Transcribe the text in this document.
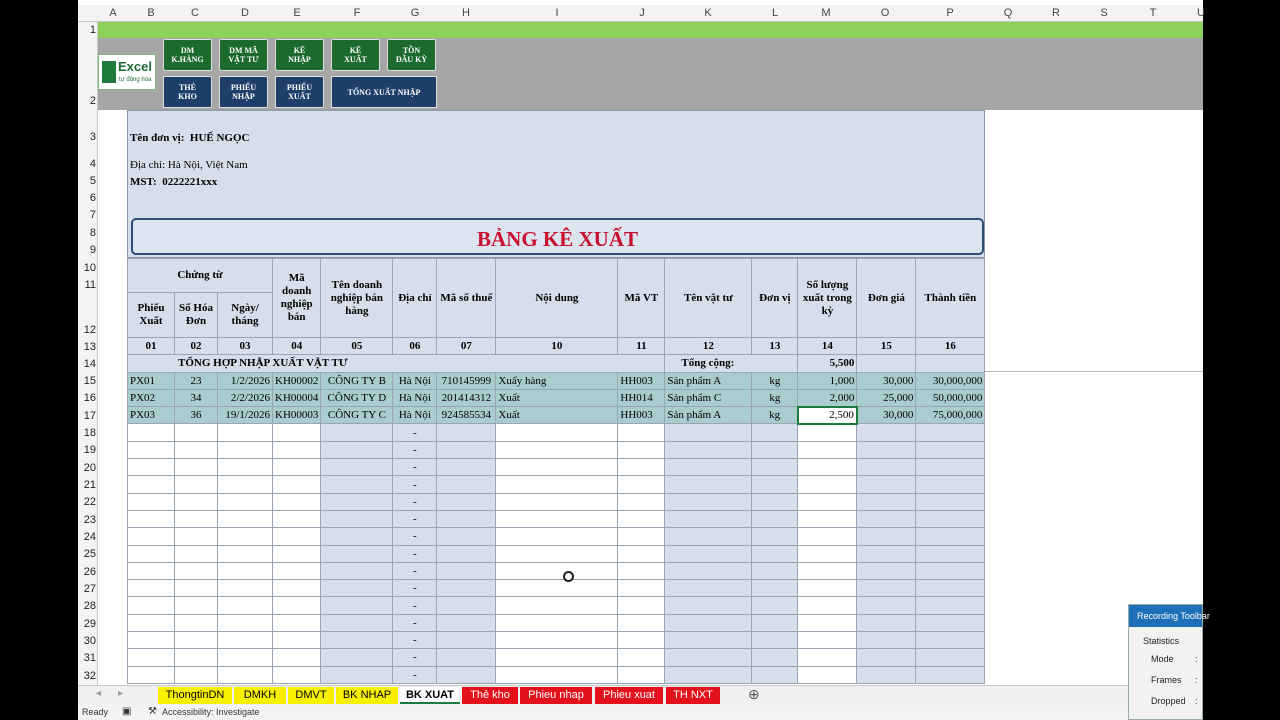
A	B	C	D	E	F	G	H	I	J	K	L	M	O	P	Q	R	S	T	U
1
2
3
4
5
6
7
8
9
10
11
12
13
14
15
16
17
18
19
20
21
22
23
24
25
26
27
28
29
30
31
32
Excel
tự động hóa
DM
K.HÀNG
DM MÃ
VẬT TƯ
KÊ
NHẬP
KÊ
XUẤT
TỒN
ĐẦU KỲ
THẺ
KHO
PHIẾU
NHẬP
PHIẾU
XUẤT	TỔNG XUẤT NHẬP
Tên đơn vị: HUẾ NGỌC
Địa chỉ: Hà Nội, Việt Nam
MST: 0222221xxx
BẢNG KÊ XUẤT
Chứng từ			Mã doanh nghiệp bán	Tên doanh nghiệp bán hàng	Địa chỉ	Mã số thuế	Nội dung	Mã VT	Tên vật tư	Đơn vị	Số lượng xuất trong kỳ	Đơn giá	Thành tiền
Phiếu Xuất	Số Hóa Đơn	Ngày/ tháng											
01	02	03	04	05	06	07	10	11	12	13	14	15	16
TỔNG HỢP NHẬP XUẤT VẬT TƯ									Tổng cộng:		5,500		
PX01	23	1/2/2026	KH00002	CÔNG TY B	Hà Nội	710145999	Xuấy hàng	HH003	Sản phẩm A	kg	1,000	30,000	30,000,000
PX02	34	2/2/2026	KH00004	CÔNG TY D	Hà Nội	201414312	Xuất	HH014	Sản phẩm C	kg	2,000	25,000	50,000,000
PX03	36	19/1/2026	KH00003	CÔNG TY C	Hà Nội	924585534	Xuất	HH003	Sản phẩm A	kg	2,500	30,000	75,000,000
					-								
					-								
					-								
					-								
					-								
					-								
					-								
					-								
					-								
					-								
					-								
					-								
					-								
					-								
					-								
◂ ▸	ThongtinDN	DMKH	DMVT	BK NHAP	BK XUAT	Thẻ kho	Phieu nhap	Phieu xuat	TH NXT	⊕
Ready ▣ ⚒ Accessibility: Investigate
Recording Toolbar
Statistics
Mode :
Frames :
Dropped :
